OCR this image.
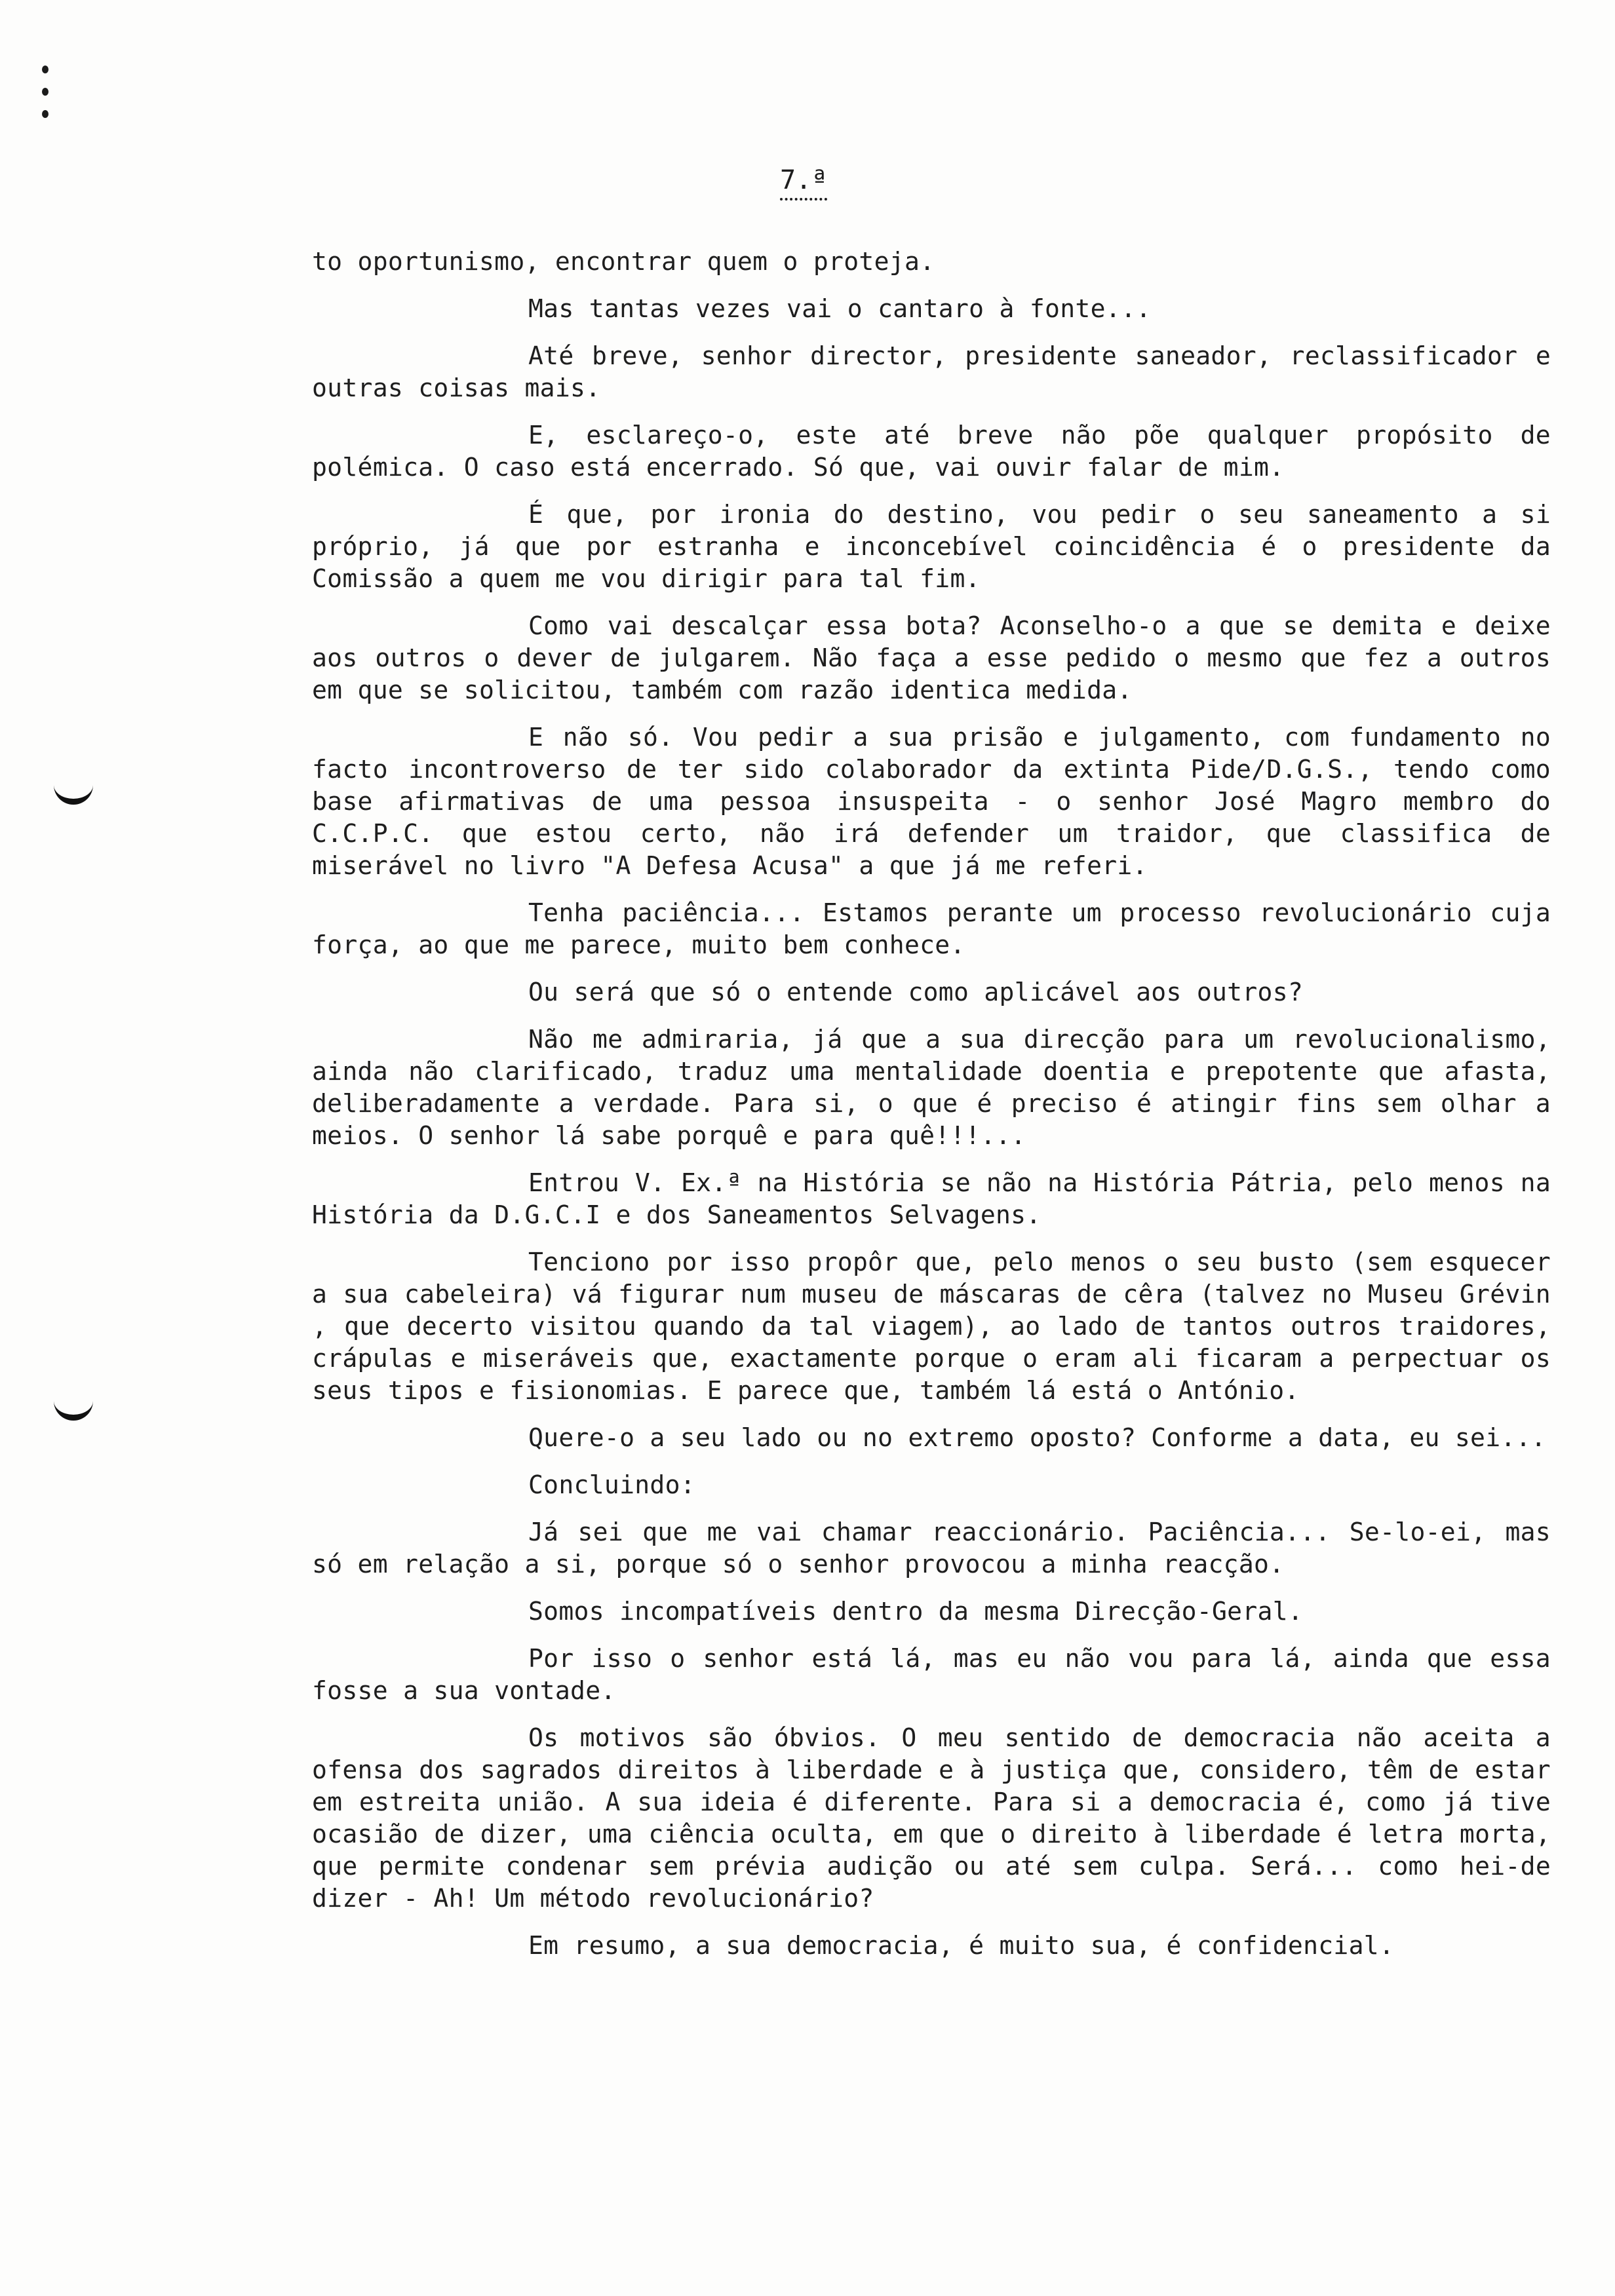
7.ª

to oportunismo, encontrar quem o proteja.

Mas tantas vezes vai o cantaro à fonte...

Até breve, senhor director, presidente saneador, reclassificador e outras coisas mais.

E, esclareço-o, este até breve não põe qualquer propósito de polémica. O caso está encerrado. Só que, vai ouvir falar de mim.

É que, por ironia do destino, vou pedir o seu saneamento a si próprio, já que por estranha e inconcebível coincidência é o presidente da Comissão a quem me vou dirigir para tal fim.

Como vai descalçar essa bota? Aconselho-o a que se demita e deixe aos outros o dever de julgarem. Não faça a esse pedido o mesmo que fez a outros em que se solicitou, também com razão identica medida.

E não só. Vou pedir a sua prisão e julgamento, com fundamento no facto incontroverso de ter sido colaborador da extinta Pide/D.G.S., tendo como base afirmativas de uma pessoa insuspeita - o senhor José Magro membro do C.C.P.C. que estou certo, não irá defender um traidor, que classifica de miserável no livro "A Defesa Acusa" a que já me referi.

Tenha paciência... Estamos perante um processo revolucionário cuja força, ao que me parece, muito bem conhece.

Ou será que só o entende como aplicável aos outros?

Não me admiraria, já que a sua direcção para um revolucionalismo, ainda não clarificado, traduz uma mentalidade doentia e prepotente que afasta, deliberadamente a verdade. Para si, o que é preciso é atingir fins sem olhar a meios. O senhor lá sabe porquê e para quê!!!...

Entrou V. Ex.ª na História se não na História Pátria, pelo menos na História da D.G.C.I e dos Saneamentos Selvagens.

Tenciono por isso propôr que, pelo menos o seu busto (sem esquecer a sua cabeleira) vá figurar num museu de máscaras de cêra (talvez no Museu Grévin , que decerto visitou quando da tal viagem), ao lado de tantos outros traidores, crápulas e miseráveis que, exactamente porque o eram ali ficaram a perpectuar os seus tipos e fisionomias. E parece que, também lá está o António.

Quere-o a seu lado ou no extremo oposto? Conforme a data, eu sei...

Concluindo:

Já sei que me vai chamar reaccionário. Paciência... Se-lo-ei, mas só em relação a si, porque só o senhor provocou a minha reacção.

Somos incompatíveis dentro da mesma Direcção-Geral.

Por isso o senhor está lá, mas eu não vou para lá, ainda que essa fosse a sua vontade.

Os motivos são óbvios. O meu sentido de democracia não aceita a ofensa dos sagrados direitos à liberdade e à justiça que, considero, têm de estar em estreita união. A sua ideia é diferente. Para si a democracia é, como já tive ocasião de dizer, uma ciência oculta, em que o direito à liberdade é letra morta, que permite condenar sem prévia audição ou até sem culpa. Será... como hei-de dizer - Ah! Um método revolucionário?

Em resumo, a sua democracia, é muito sua, é confidencial.
